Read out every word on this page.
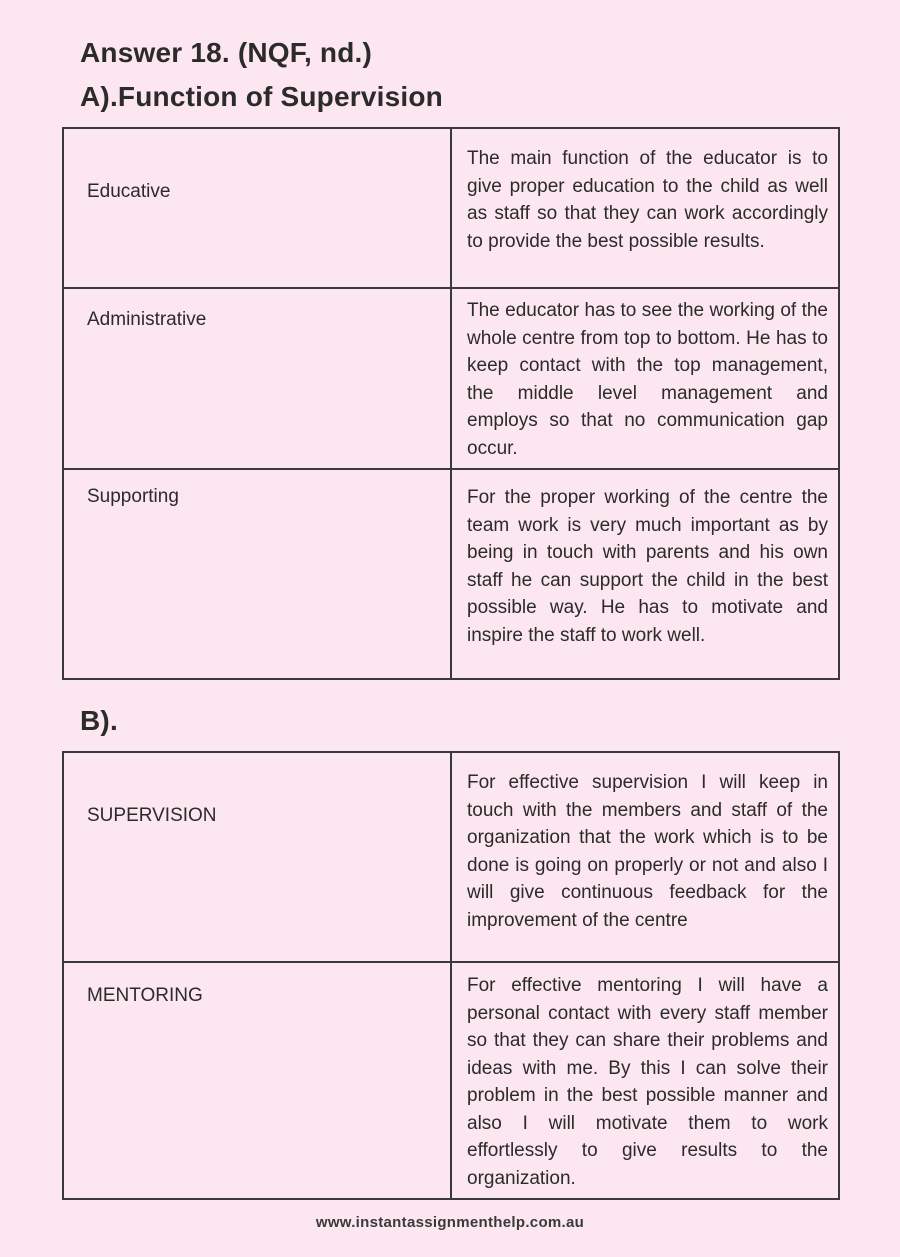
Answer 18. (NQF, nd.)
A).Function of Supervision
Educative	The main function of the educator is to give proper education to the child as well as staff so that they can work accordingly to provide the best possible results.

Administrative	The educator has to see the working of the whole centre from top to bottom. He has to keep contact with the top management, the middle level management and employs so that no communication gap occur.

Supporting	For the proper working of the centre the team work is very much important as by being in touch with parents and his own staff he can support the child in the best possible way. He has to motivate and inspire the staff to work well.
B).
SUPERVISION	For effective supervision I will keep in touch with the members and staff of the organization that the work which is to be done is going on properly or not and also I will give continuous feedback for the improvement of the centre

MENTORING	For effective mentoring I will have a personal contact with every staff member so that they can share their problems and ideas with me. By this I can solve their problem in the best possible manner and also I will motivate them to work effortlessly to give results to the organization.
www.instantassignmenthelp.com.au
